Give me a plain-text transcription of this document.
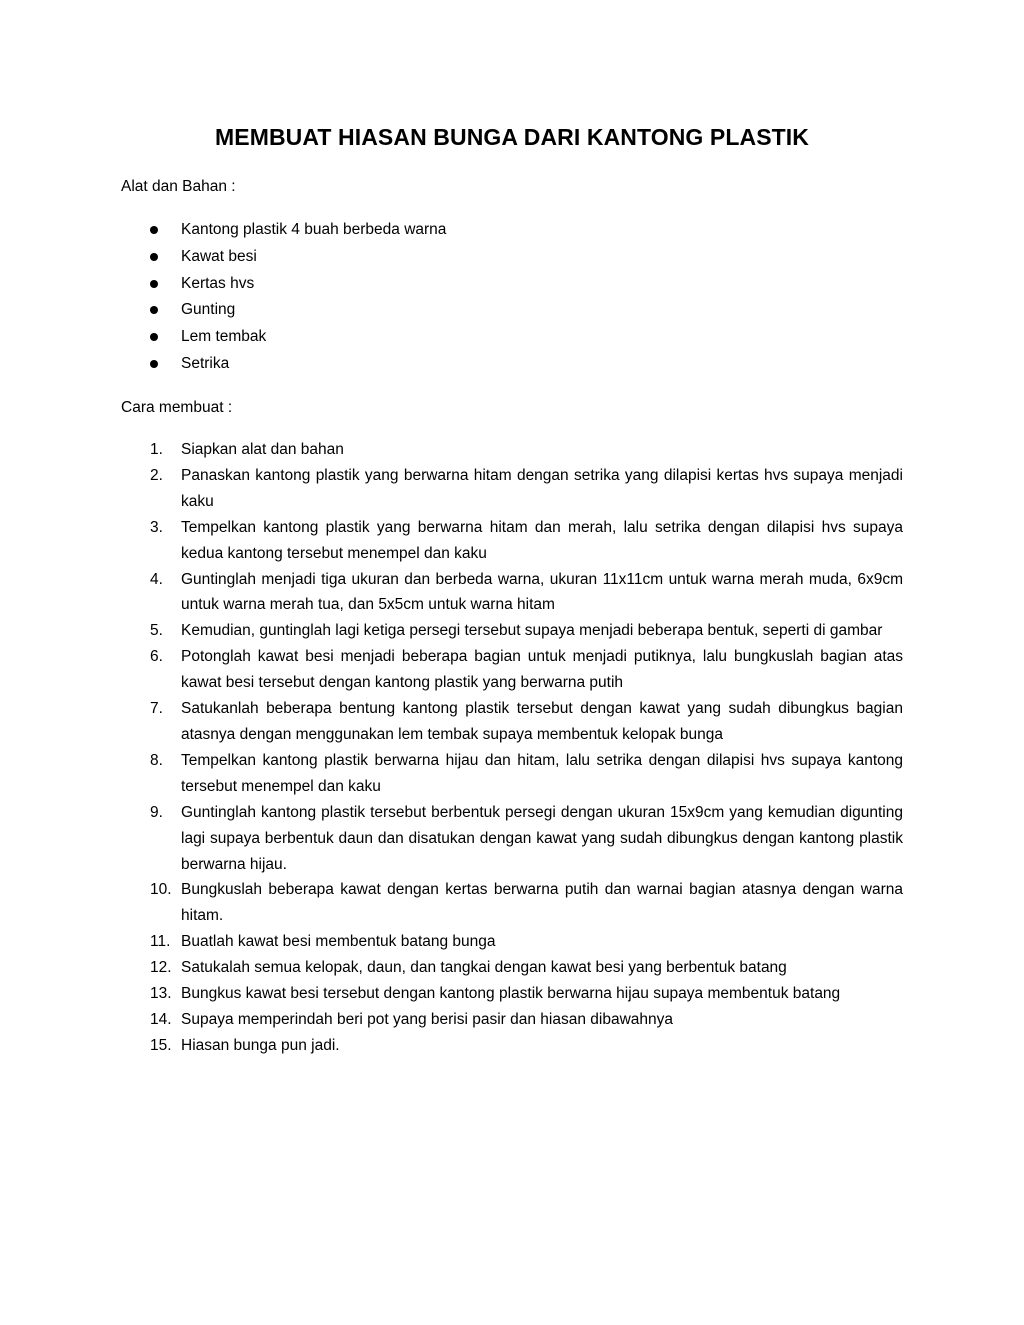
MEMBUAT HIASAN BUNGA DARI KANTONG PLASTIK

Alat dan Bahan :

Kantong plastik 4 buah berbeda warna
Kawat besi
Kertas hvs
Gunting
Lem tembak
Setrika

Cara membuat :

1. Siapkan alat dan bahan
2. Panaskan kantong plastik yang berwarna hitam dengan setrika yang dilapisi kertas hvs supaya menjadi kaku
3. Tempelkan kantong plastik yang berwarna hitam dan merah, lalu setrika dengan dilapisi hvs supaya kedua kantong tersebut menempel dan kaku
4. Guntinglah menjadi tiga ukuran dan berbeda warna, ukuran 11x11cm untuk warna merah muda, 6x9cm untuk warna merah tua, dan 5x5cm untuk warna hitam
5. Kemudian, guntinglah lagi ketiga persegi tersebut supaya menjadi beberapa bentuk, seperti di gambar
6. Potonglah kawat besi menjadi beberapa bagian untuk menjadi putiknya, lalu bungkuslah bagian atas kawat besi tersebut dengan kantong plastik yang berwarna putih
7. Satukanlah beberapa bentung kantong plastik tersebut dengan kawat yang sudah dibungkus bagian atasnya dengan menggunakan lem tembak supaya membentuk kelopak bunga
8. Tempelkan kantong plastik berwarna hijau dan hitam, lalu setrika dengan dilapisi hvs supaya kantong tersebut menempel dan kaku
9. Guntinglah kantong plastik tersebut berbentuk persegi dengan ukuran 15x9cm yang kemudian digunting lagi supaya berbentuk daun dan disatukan dengan kawat yang sudah dibungkus dengan kantong plastik berwarna hijau.
10. Bungkuslah beberapa kawat dengan kertas berwarna putih dan warnai bagian atasnya dengan warna hitam.
11. Buatlah kawat besi membentuk batang bunga
12. Satukalah semua kelopak, daun, dan tangkai dengan kawat besi yang berbentuk batang
13. Bungkus kawat besi tersebut dengan kantong plastik berwarna hijau supaya membentuk batang
14. Supaya memperindah beri pot yang berisi pasir dan hiasan dibawahnya
15. Hiasan bunga pun jadi.
